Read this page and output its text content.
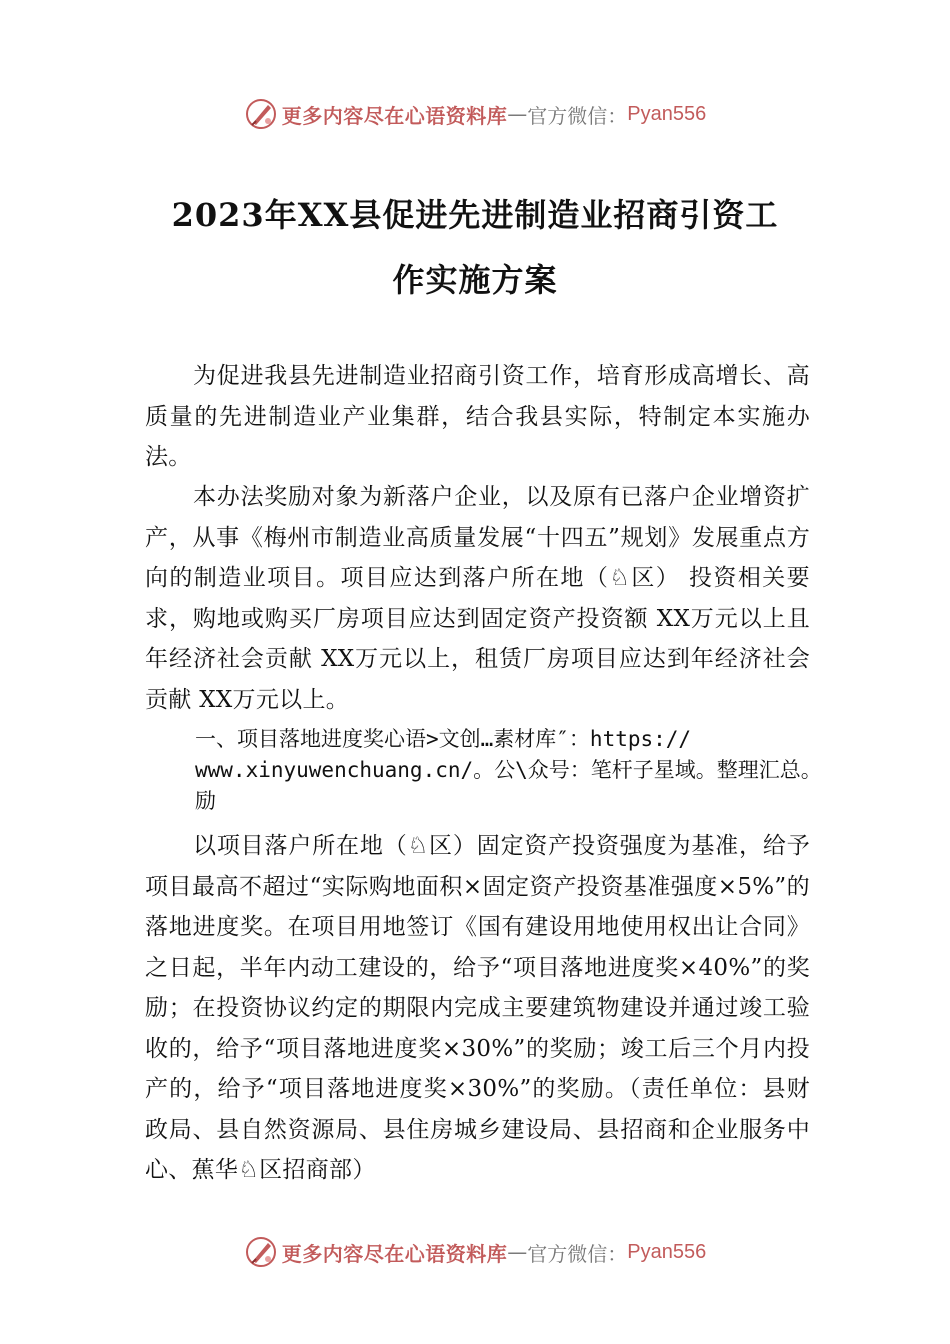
更多内容尽在心语资料库 — 官方微信： Pyan556
2023年XX县促进先进制造业招商引资工
作实施方案
为促进我县先进制造业招商引资工作，培育形成高增长、高质量的先进制造业产业集群，结合我县实际，特制定本实施办法。
本办法奖励对象为新落户企业，以及原有已落户企业增资扩产，从事《梅州市制造业高质量发展“十四五”规划》发展重点方向的制造业项目。项目应达到落户所在地（♘区） 投资相关要求，购地或购买厂房项目应达到固定资产投资额 XX万元以上且年经济社会贡献 XX万元以上，租赁厂房项目应达到年经济社会贡献 XX万元以上。
一、项目落地进度奖心语>文创…素材库″：https:// www.xinyuwenchuang.cn/。公\众号：笔杆子星域。整理汇总。励
以项目落户所在地（♘区）固定资产投资强度为基准，给予项目最高不超过“实际购地面积×固定资产投资基准强度×5%”的落地进度奖。在项目用地签订《国有建设用地使用权出让合同》之日起，半年内动工建设的，给予“项目落地进度奖×40%”的奖励；在投资协议约定的期限内完成主要建筑物建设并通过竣工验收的，给予“项目落地进度奖×30%”的奖励；竣工后三个月内投产的，给予“项目落地进度奖×30%”的奖励。（责任单位：县财政局、县自然资源局、县住房城乡建设局、县招商和企业服务中心、蕉华♘区招商部）
更多内容尽在心语资料库 — 官方微信： Pyan556
